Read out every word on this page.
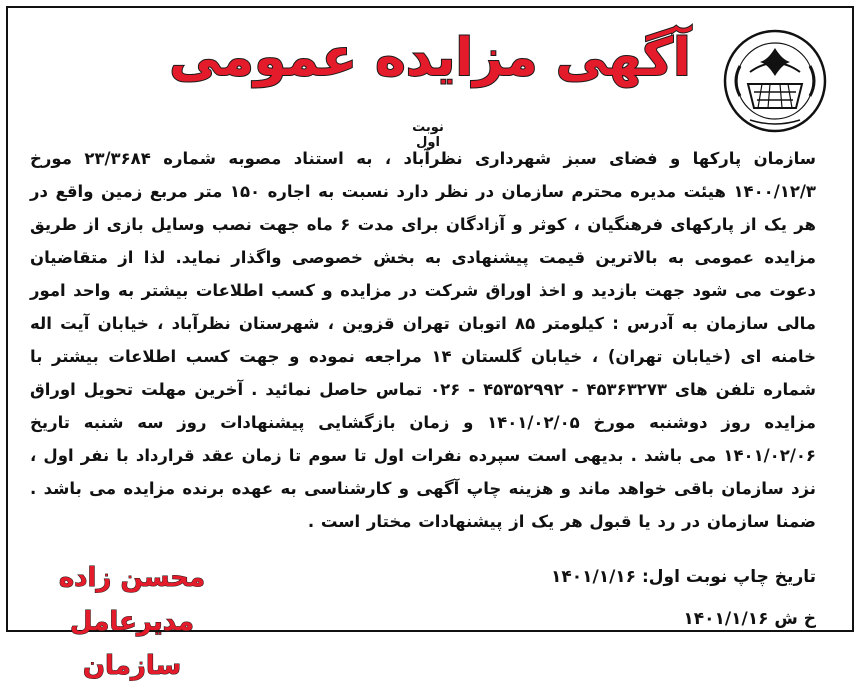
آگهی مزایده عمومی
نوبت اول
سازمان پارکها و فضای سبز شهرداری نظرآباد ، به استناد مصوبه شماره ۲۳/۳۶۸۴ مورخ ۱۴۰۰/۱۲/۳ هیئت مدیره محترم سازمان در نظر دارد نسبت به اجاره ۱۵۰ متر مربع زمین واقع در هر یک از پارکهای فرهنگیان ، کوثر و آزادگان برای مدت ۶ ماه جهت نصب وسایل بازی از طریق مزایده عمومی به بالاترین قیمت پیشنهادی به بخش خصوصی واگذار نماید. لذا از متقاضیان دعوت می شود جهت بازدید و اخذ اوراق شرکت در مزایده و کسب اطلاعات بیشتر به واحد امور مالی سازمان به آدرس : کیلومتر ۸۵ اتوبان تهران قزوین ، شهرستان نظرآباد ، خیابان آیت اله خامنه ای (خیابان تهران) ، خیابان گلستان ۱۴ مراجعه نموده و جهت کسب اطلاعات بیشتر با شماره تلفن های ۴۵۳۶۳۲۷۳ - ۴۵۳۵۲۹۹۲ - ۰۲۶ تماس حاصل نمائید . آخرین مهلت تحویل اوراق مزایده روز دوشنبه مورخ ۱۴۰۱/۰۲/۰۵ و زمان بازگشایی پیشنهادات روز سه شنبه تاریخ ۱۴۰۱/۰۲/۰۶ می باشد . بدیهی است سپرده نفرات اول تا سوم تا زمان عقد قرارداد با نفر اول ، نزد سازمان باقی خواهد ماند و هزینه چاپ آگهی و کارشناسی به عهده برنده مزایده می باشد . ضمنا سازمان در رد یا قبول هر یک از پیشنهادات مختار است .
تاریخ چاپ نوبت اول: ۱۴۰۱/۱/۱۶
خ ش ۱۴۰۱/۱/۱۶
محسن زاده
مدیرعامل سازمان
